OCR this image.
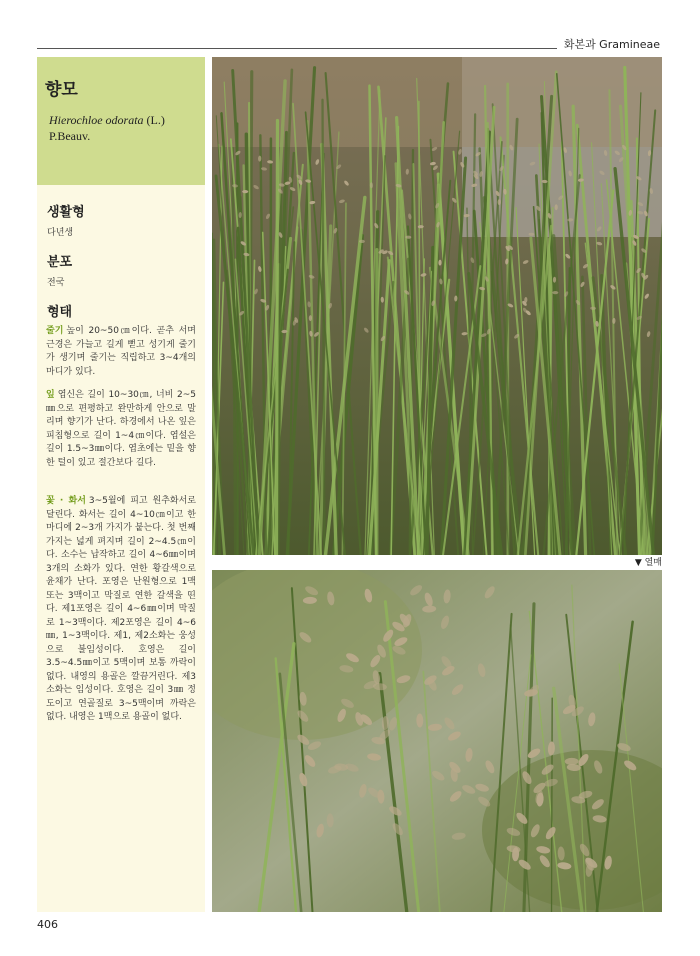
화본과 Gramineae
향모
Hierochloe odorata (L.) P.Beauv.
생활형
다년생
분포
전국
형태
줄기 높이 20~50㎝이다. 곧추 서며 근경은 가늘고 길게 뻗고 성기게 줄기가 생기며 줄기는 직립하고 3~4개의 마디가 있다.
잎 엽신은 길이 10~30㎝, 너비 2~5㎜으로 편평하고 완만하게 안으로 말리며 향기가 난다. 하경에서 나온 잎은 피침형으로 길이 1~4㎝이다. 엽설은 길이 1.5~3㎜이다. 엽초에는 밑을 향한 털이 있고 절간보다 길다.
꽃 · 화서 3~5월에 피고 원추화서로 달린다. 화서는 길이 4~10㎝이고 한 마디에 2~3개 가지가 붙는다. 첫 번째 가지는 넓게 펴지며 길이 2~4.5㎝이다. 소수는 납작하고 길이 4~6㎜이며 3개의 소화가 있다. 연한 황갈색으로 윤채가 난다. 포영은 난원형으로 1맥 또는 3맥이고 막질로 연한 갈색을 띤다. 제1포영은 길이 4~6㎜이며 막질로 1~3맥이다. 제2포영은 길이 4~6㎜, 1~3맥이다. 제1, 제2소화는 웅성으로 불임성이다. 호영은 길이 3.5~4.5㎜이고 5맥이며 보통 까락이 없다. 내영의 용골은 깔끔거린다. 제3소화는 임성이다. 호영은 길이 3㎜ 정도이고 연골질로 3~5맥이며 까락은 없다. 내영은 1맥으로 용골이 없다.
▼ 열매
406
